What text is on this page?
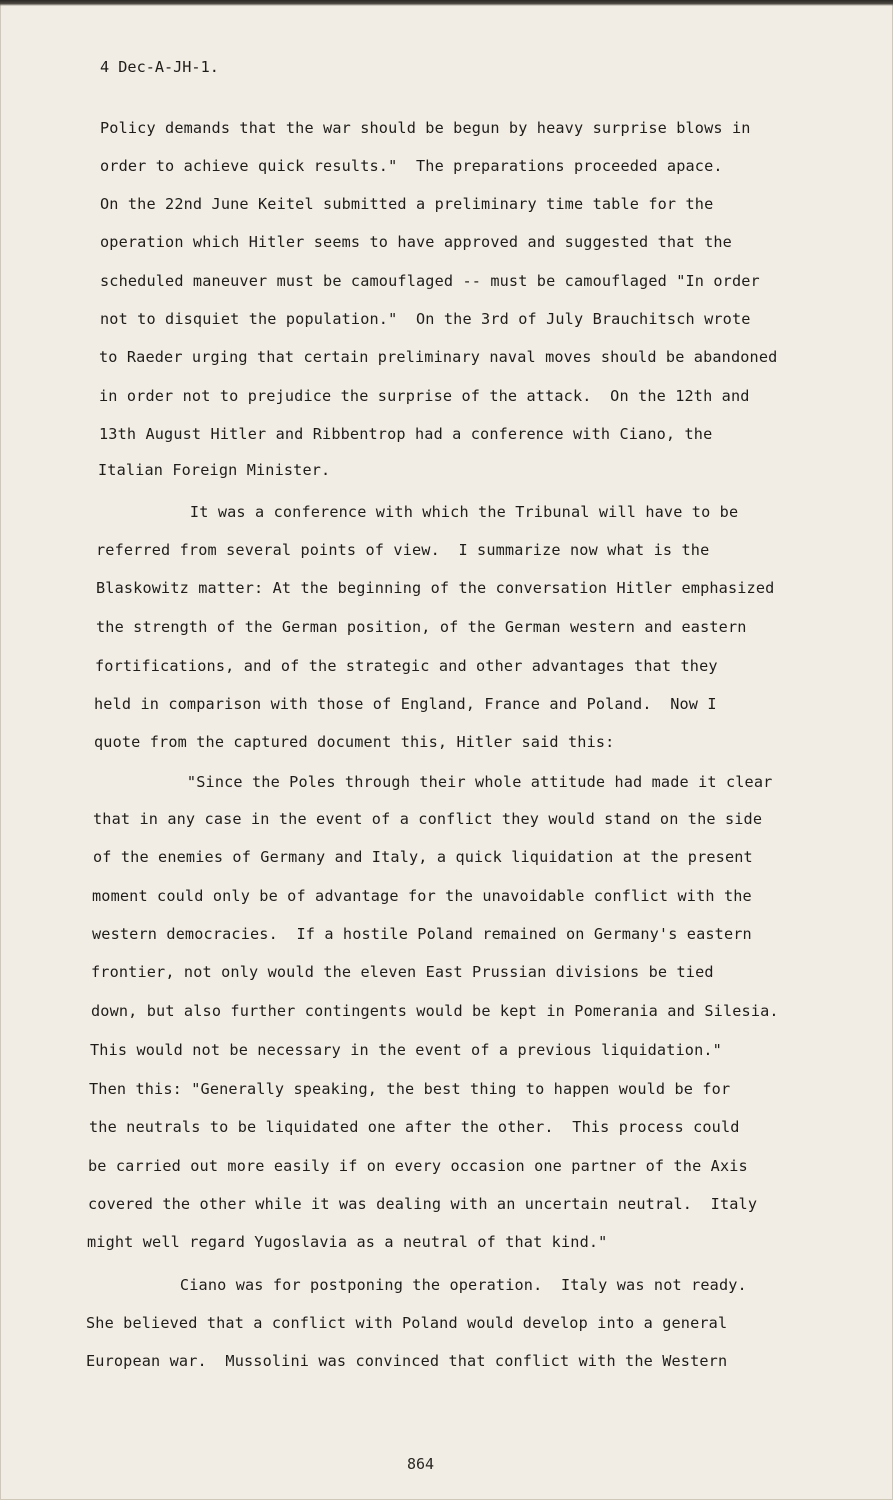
4 Dec-A-JH-1.
Policy demands that the war should be begun by heavy surprise blows in
order to achieve quick results."  The preparations proceeded apace.
On the 22nd June Keitel submitted a preliminary time table for the
operation which Hitler seems to have approved and suggested that the
scheduled maneuver must be camouflaged -- must be camouflaged "In order
not to disquiet the population."  On the 3rd of July Brauchitsch wrote
to Raeder urging that certain preliminary naval moves should be abandoned
in order not to prejudice the surprise of the attack.  On the 12th and
13th August Hitler and Ribbentrop had a conference with Ciano, the
Italian Foreign Minister.
It was a conference with which the Tribunal will have to be
referred from several points of view.  I summarize now what is the
Blaskowitz matter: At the beginning of the conversation Hitler emphasized
the strength of the German position, of the German western and eastern
fortifications, and of the strategic and other advantages that they
held in comparison with those of England, France and Poland.  Now I
quote from the captured document this, Hitler said this:
"Since the Poles through their whole attitude had made it clear
that in any case in the event of a conflict they would stand on the side
of the enemies of Germany and Italy, a quick liquidation at the present
moment could only be of advantage for the unavoidable conflict with the
western democracies.  If a hostile Poland remained on Germany's eastern
frontier, not only would the eleven East Prussian divisions be tied
down, but also further contingents would be kept in Pomerania and Silesia.
This would not be necessary in the event of a previous liquidation."
Then this: "Generally speaking, the best thing to happen would be for
the neutrals to be liquidated one after the other.  This process could
be carried out more easily if on every occasion one partner of the Axis
covered the other while it was dealing with an uncertain neutral.  Italy
might well regard Yugoslavia as a neutral of that kind."
Ciano was for postponing the operation.  Italy was not ready.
She believed that a conflict with Poland would develop into a general
European war.  Mussolini was convinced that conflict with the Western
864
